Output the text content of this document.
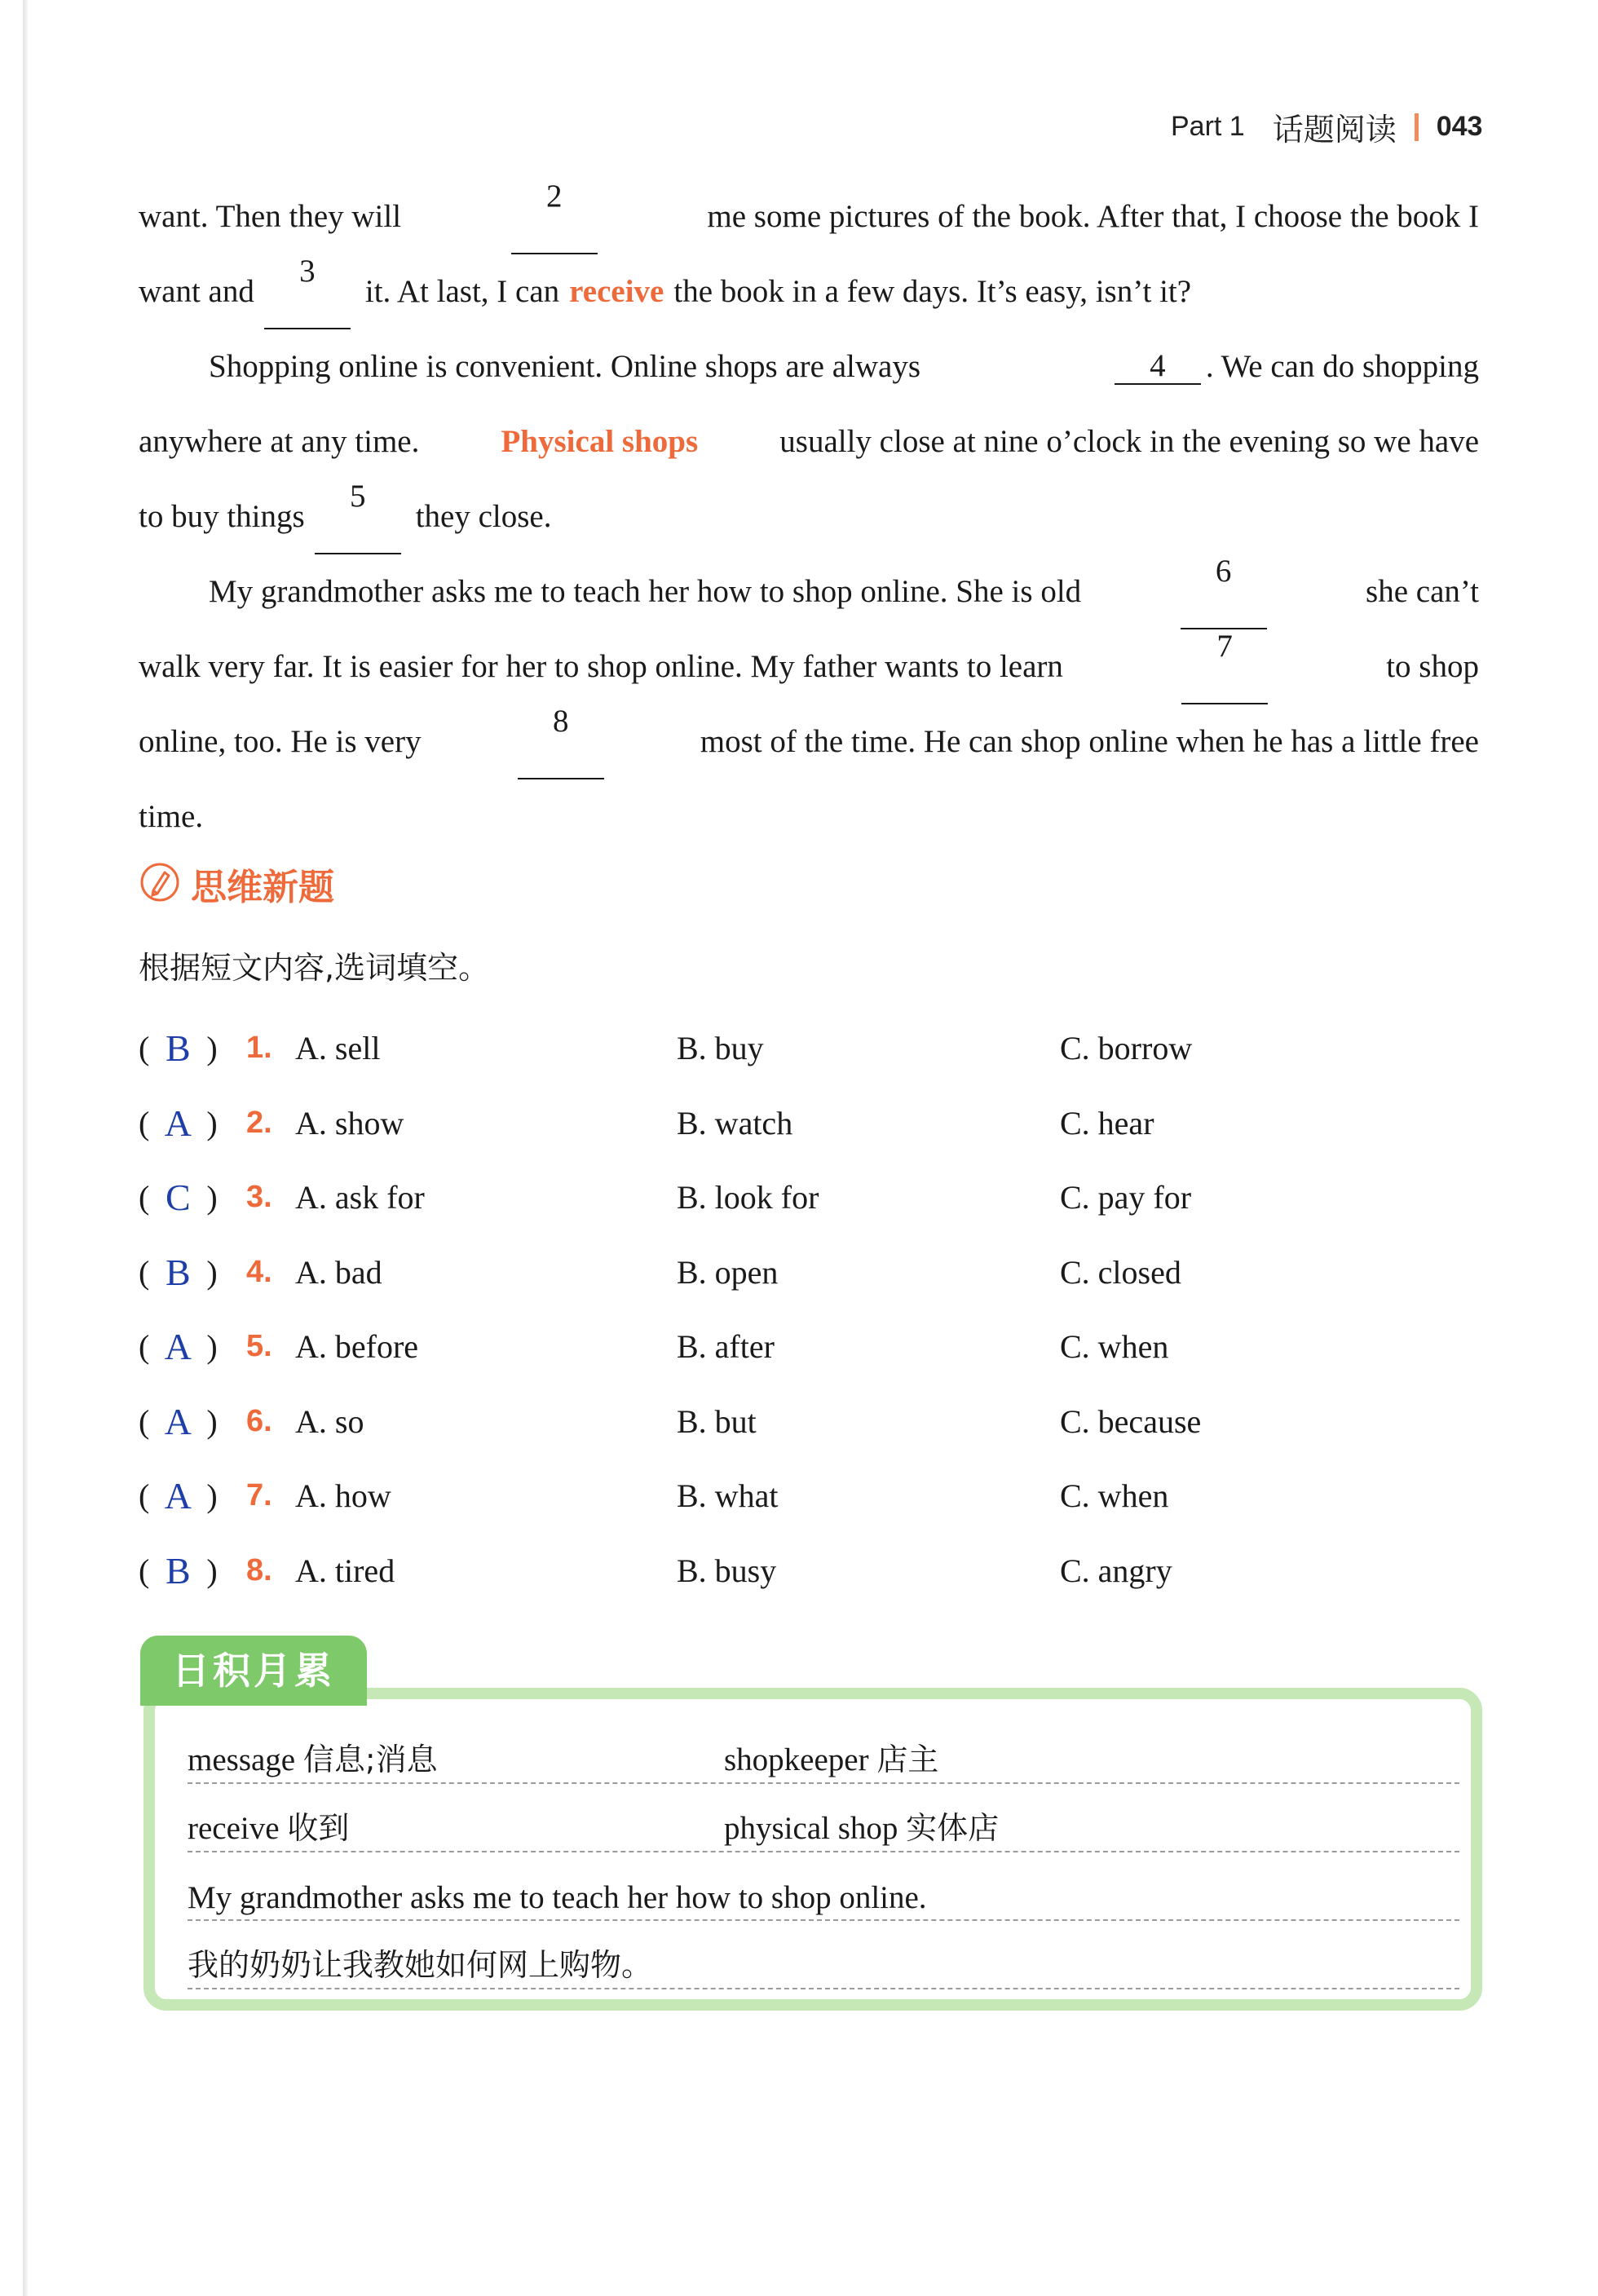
Part 1 话题阅读 043
want. Then they will
2
me some pictures of the book. After that, I choose the book I
want and
3
it. At last, I can receive the book in a few days. It’s easy, isn’t it?
Shopping online is convenient. Online shops are always	4	. We can do shopping
anywhere at any time.	Physical shops	usually close at nine o’clock in the evening so we have
to buy things
5
they close.
My grandmother asks me to teach her how to shop online. She is old
6
she can’t
walk very far. It is easier for her to shop online. My father wants to learn
7
to shop
online, too. He is very
8
most of the time. He can shop online when he has a little free
time.
思维新题
根据短文内容,选词填空。
( B ) 1. A. sell	B. buy	C. borrow
( A ) 2. A. show	B. watch	C. hear
( C ) 3. A. ask for	B. look for	C. pay for
( B ) 4. A. bad	B. open	C. closed
( A ) 5. A. before	B. after	C. when
( A ) 6. A. so	B. but	C. because
( A ) 7. A. how	B. what	C. when
( B ) 8. A. tired	B. busy	C. angry
message 信息;消息	shopkeeper 店主
receive 收到	physical shop 实体店
My grandmother asks me to teach her how to shop online.
我的奶奶让我教她如何网上购物。
日积月累
